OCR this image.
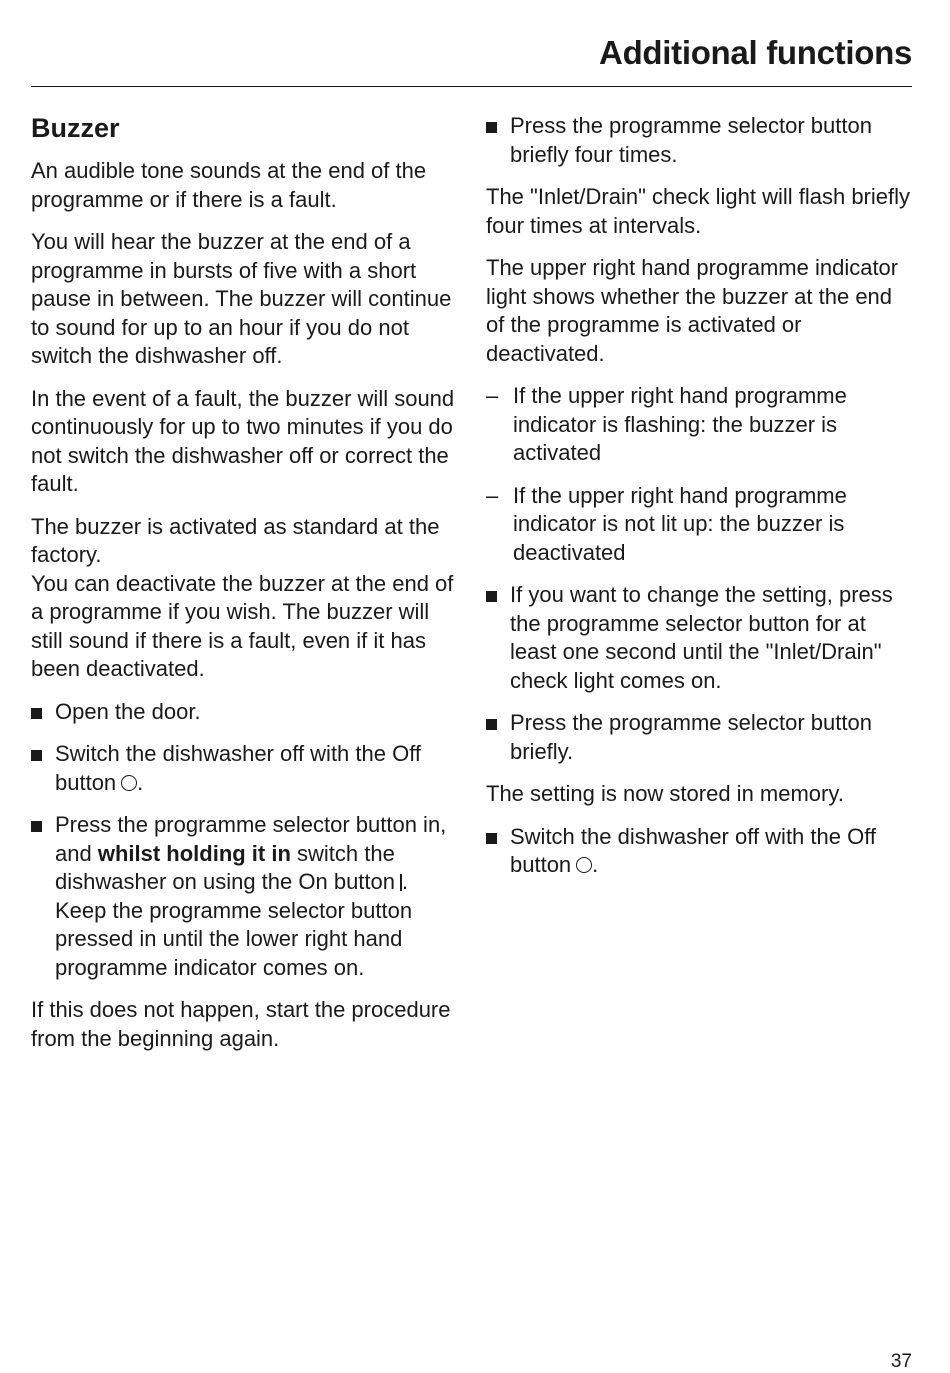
Additional functions
Buzzer

An audible tone sounds at the end of the programme or if there is a fault.

You will hear the buzzer at the end of a programme in bursts of five with a short pause in between. The buzzer will continue to sound for up to an hour if you do not switch the dishwasher off.

In the event of a fault, the buzzer will sound continuously for up to two minutes if you do not switch the dishwasher off or correct the fault.

The buzzer is activated as standard at the factory.
You can deactivate the buzzer at the end of a programme if you wish. The buzzer will still sound if there is a fault, even if it has been deactivated.

Open the door.
Switch the dishwasher off with the Off button .
Press the programme selector button in, and whilst holding it in switch the dishwasher on using the On button .
Keep the programme selector button pressed in until the lower right hand programme indicator comes on.

If this does not happen, start the procedure from the beginning again.

Press the programme selector button briefly four times.

The "Inlet/Drain" check light will flash briefly four times at intervals.

The upper right hand programme indicator light shows whether the buzzer at the end of the programme is activated or deactivated.

– If the upper right hand programme indicator is flashing: the buzzer is activated
– If the upper right hand programme indicator is not lit up: the buzzer is deactivated
If you want to change the setting, press the programme selector button for at least one second until the "Inlet/Drain" check light comes on.
Press the programme selector button briefly.

The setting is now stored in memory.

Switch the dishwasher off with the Off button .

37
